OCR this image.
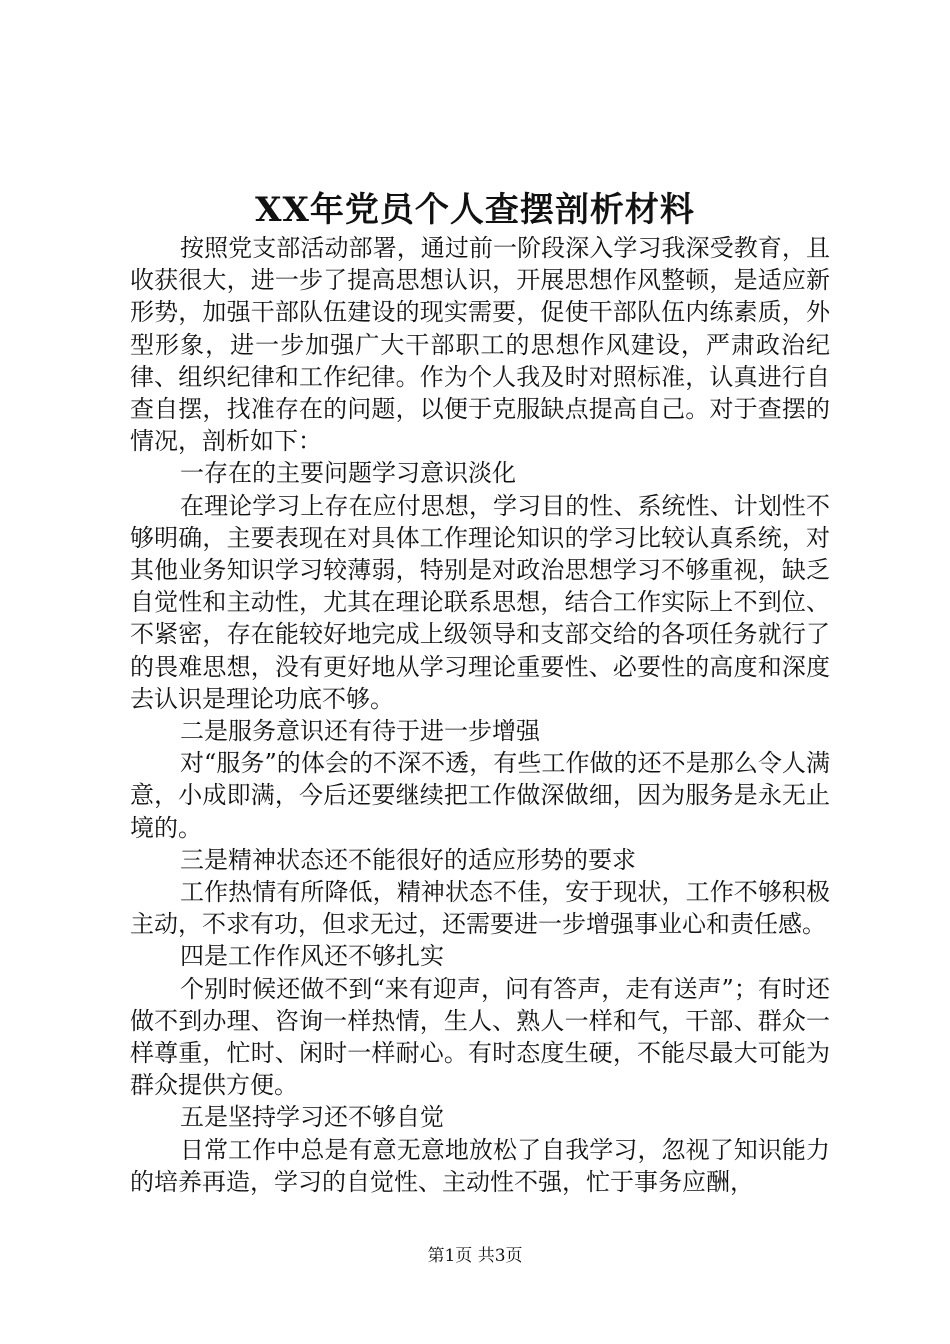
XX年党员个人查摆剖析材料

按照党支部活动部署，通过前一阶段深入学习我深受教育，且收获很大，进一步了提高思想认识，开展思想作风整顿，是适应新形势，加强干部队伍建设的现实需要，促使干部队伍内练素质，外型形象，进一步加强广大干部职工的思想作风建设，严肃政治纪律、组织纪律和工作纪律。作为个人我及时对照标准，认真进行自查自摆，找准存在的问题，以便于克服缺点提高自己。对于查摆的情况，剖析如下：

一存在的主要问题学习意识淡化

在理论学习上存在应付思想，学习目的性、系统性、计划性不够明确，主要表现在对具体工作理论知识的学习比较认真系统，对其他业务知识学习较薄弱，特别是对政治思想学习不够重视，缺乏自觉性和主动性，尤其在理论联系思想，结合工作实际上不到位、不紧密，存在能较好地完成上级领导和支部交给的各项任务就行了的畏难思想，没有更好地从学习理论重要性、必要性的高度和深度去认识是理论功底不够。

二是服务意识还有待于进一步增强

对“服务”的体会的不深不透，有些工作做的还不是那么令人满意，小成即满，今后还要继续把工作做深做细，因为服务是永无止境的。

三是精神状态还不能很好的适应形势的要求

工作热情有所降低，精神状态不佳，安于现状，工作不够积极主动，不求有功，但求无过，还需要进一步增强事业心和责任感。

四是工作作风还不够扎实

个别时候还做不到“来有迎声，问有答声，走有送声”；有时还做不到办理、咨询一样热情，生人、熟人一样和气，干部、群众一样尊重，忙时、闲时一样耐心。有时态度生硬，不能尽最大可能为群众提供方便。

五是坚持学习还不够自觉

日常工作中总是有意无意地放松了自我学习，忽视了知识能力的培养再造，学习的自觉性、主动性不强，忙于事务应酬，

第1页 共3页
